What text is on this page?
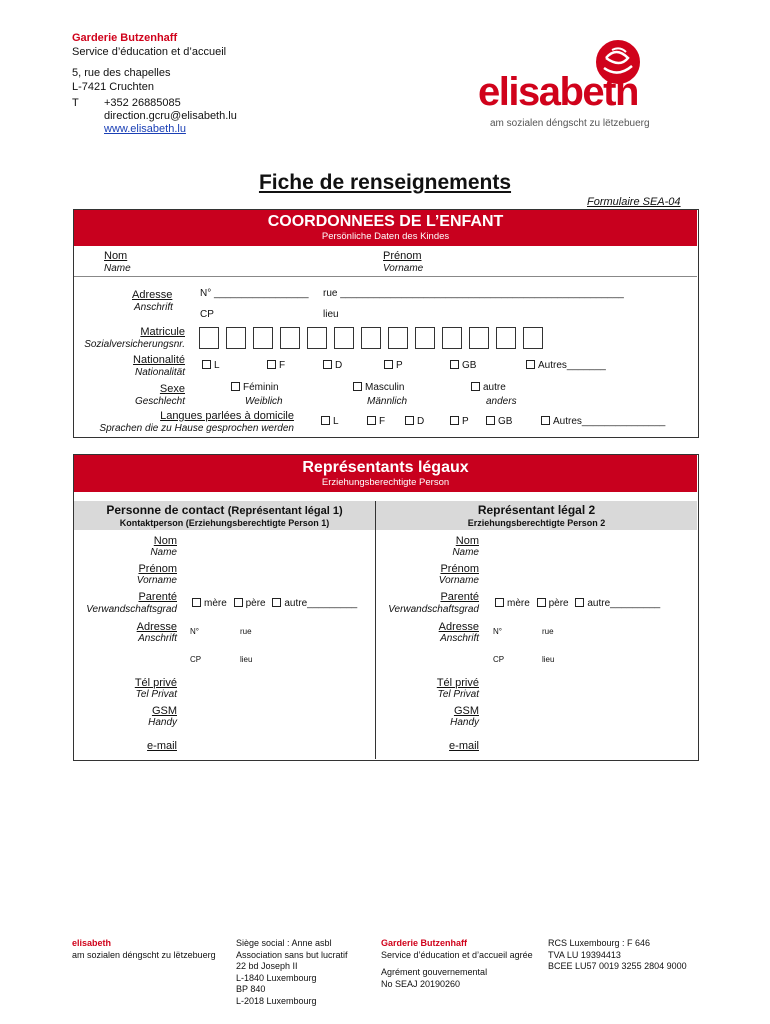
Garderie Butzenhaff
Service d’éducation et d’accueil
5, rue des chapelles
L-7421 Cruchten
T +352 26885085
direction.gcru@elisabeth.lu
www.elisabeth.lu
elisabeth
am sozialen déngscht zu lëtzebuerg
Fiche de renseignements
Formulaire SEA-04
COORDONNEES DE L’ENFANT
Persönliche Daten des Kindes
Nom
Name
Prénom
Vorname
Adresse
Anschrift
N° _________________ rue ___________________________________________________
CP	lieu
Matricule
Sozialversicherungsnr.
Nationalité
Nationalität
L	F	D	P	GB	Autres_______
Sexe
Geschlecht
Féminin
Weiblich
Masculin
Männlich
autre
anders
Langues parlées à domicile
Sprachen die zu Hause gesprochen werden
L	F	D	P	GB	Autres_______________
Représentants légaux
Erziehungsberechtigte Person
Personne de contact (Représentant légal 1)
Kontaktperson (Erziehungsberechtigte Person 1)
Représentant légal 2
Erziehungsberechtigte Person 2
Nom
Name
Prénom
Vorname
Parenté
Verwandschaftsgrad
mère père autre_________
Adresse
Anschrift
N°	rue
CP	lieu
Tél privé
Tel Privat
GSM
Handy
e-mail
Nom
Name
Prénom
Vorname
Parenté
Verwandschaftsgrad
mère père autre_________
Adresse
Anschrift
N°	rue
CP	lieu
Tél privé
Tel Privat
GSM
Handy
e-mail
elisabeth
am sozialen déngscht zu lëtzebuerg
Siège social : Anne asbl
Association sans but lucratif
22 bd Joseph II
L-1840 Luxembourg
BP 840
L-2018 Luxembourg
Garderie Butzenhaff
Service d’éducation et d’accueil agrée
Agrément gouvernemental
No SEAJ 20190260
RCS Luxembourg : F 646
TVA LU 19394413
BCEE LU57 0019 3255 2804 9000
